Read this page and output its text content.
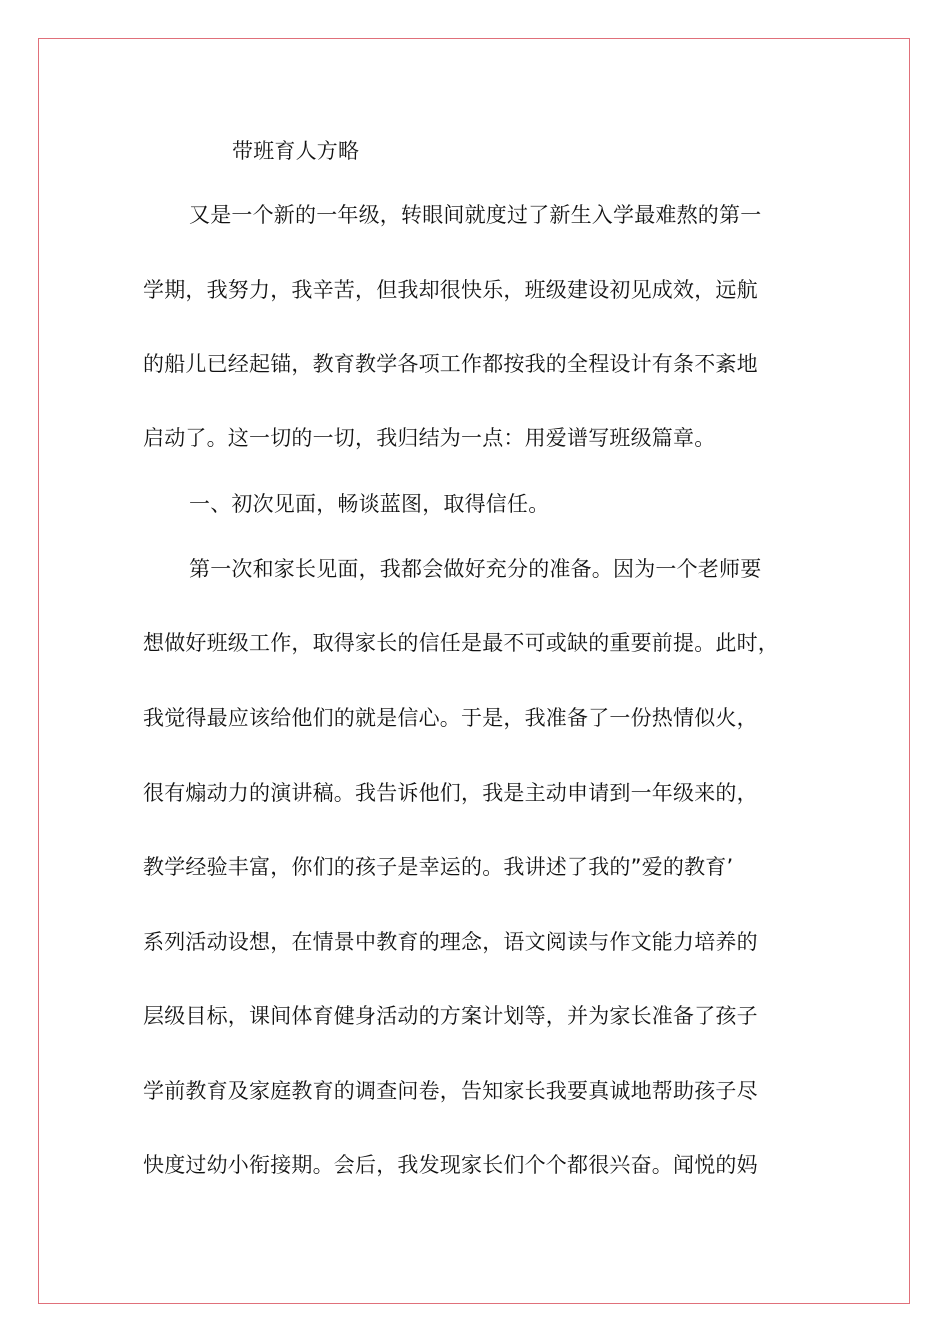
带班育人方略
又是一个新的一年级，转眼间就度过了新生入学最难熬的第一
学期，我努力，我辛苦，但我却很快乐，班级建设初见成效，远航
的船儿已经起锚，教育教学各项工作都按我的全程设计有条不紊地
启动了。这一切的一切，我归结为一点：用爱谱写班级篇章。
一、初次见面，畅谈蓝图，取得信任。
第一次和家长见面，我都会做好充分的准备。因为一个老师要
想做好班级工作，取得家长的信任是最不可或缺的重要前提。此时，
我觉得最应该给他们的就是信心。于是，我准备了一份热情似火，
很有煽动力的演讲稿。我告诉他们，我是主动申请到一年级来的，
教学经验丰富，你们的孩子是幸运的。我讲述了我的”爱的教育’
系列活动设想，在情景中教育的理念，语文阅读与作文能力培养的
层级目标，课间体育健身活动的方案计划等，并为家长准备了孩子
学前教育及家庭教育的调查问卷，告知家长我要真诚地帮助孩子尽
快度过幼小衔接期。会后，我发现家长们个个都很兴奋。闻悦的妈
